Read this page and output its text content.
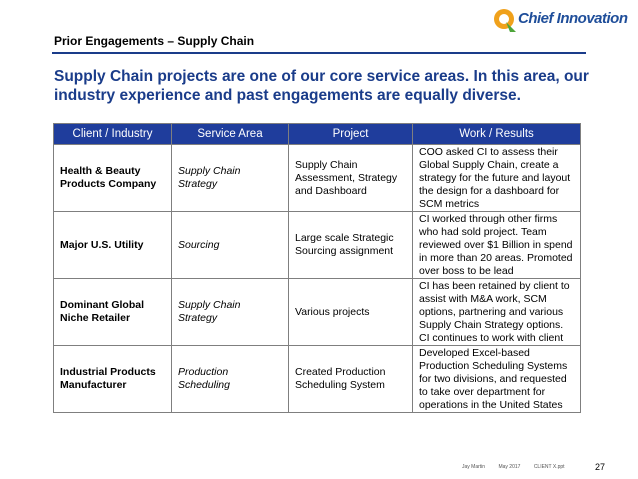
Prior Engagements – Supply Chain
Chief Innovation
Supply Chain projects are one of our core service areas. In this area, our industry experience and past engagements are equally diverse.
Client / Industry	Service Area	Project	Work / Results
Health & Beauty Products Company	Supply Chain Strategy	Supply Chain Assessment, Strategy and Dashboard	COO asked CI to assess their Global Supply Chain, create a strategy for the future and layout the design for a dashboard for SCM metrics
Major U.S. Utility	Sourcing	Large scale Strategic Sourcing assignment	CI worked through other firms who had sold project. Team reviewed over $1 Billion in spend in more than 20 areas. Promoted over boss to be lead
Dominant Global Niche Retailer	Supply Chain Strategy	Various projects	CI has been retained by client to assist with M&A work, SCM options, partnering and various Supply Chain Strategy options. CI continues to work with client
Industrial Products Manufacturer	Production Scheduling	Created Production Scheduling System	Developed Excel-based Production Scheduling Systems for two divisions, and requested to take over department for operations in the United States
Jay Martin	May 2017	CLIENT X.ppt	27
